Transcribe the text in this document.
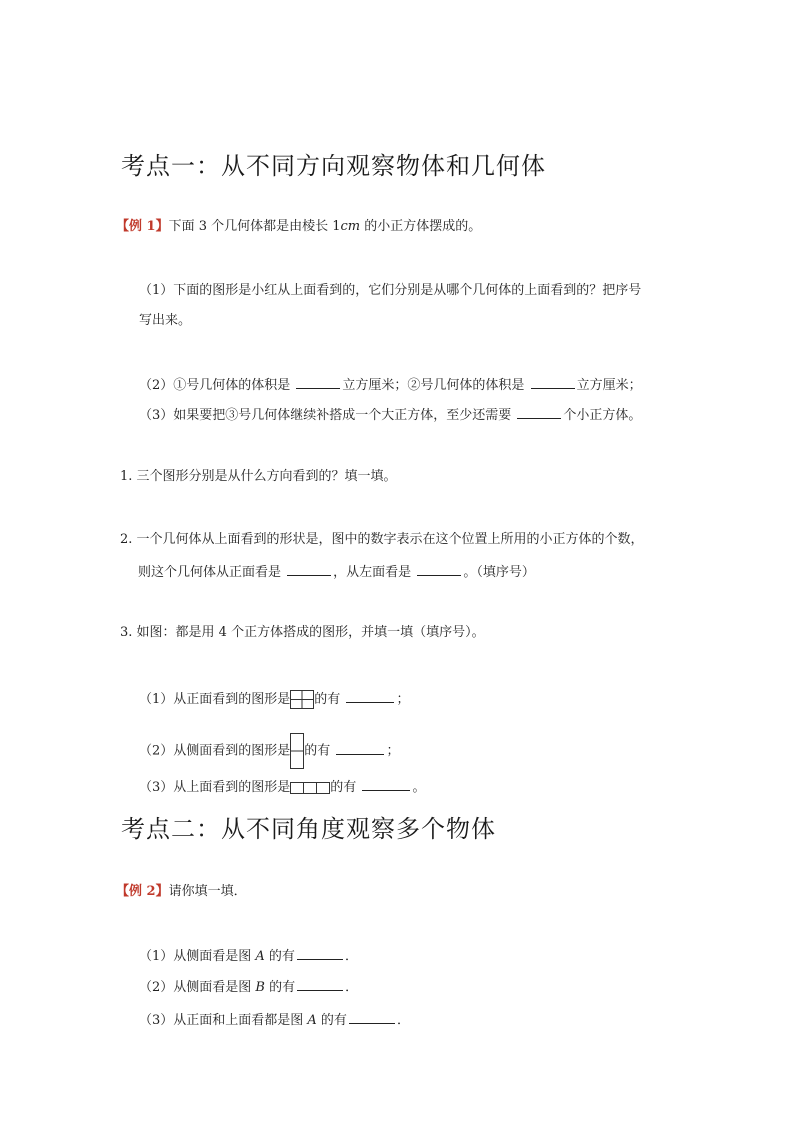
考点一：从不同方向观察物体和几何体
【例 1】下面 3 个几何体都是由棱长 1cm 的小正方体摆成的。
（1）下面的图形是小红从上面看到的，它们分别是从哪个几何体的上面看到的？把序号
写出来。
（2）①号几何体的体积是	立方厘米；②号几何体的体积是	立方厘米；
（3）如果要把③号几何体继续补搭成一个大正方体，至少还需要	个小正方体。
1. 三个图形分别是从什么方向看到的？填一填。
2. 一个几何体从上面看到的形状是，图中的数字表示在这个位置上所用的小正方体的个数，
则这个几何体从正面看是	，从左面看是	。（填序号）
3. 如图：都是用 4 个正方体搭成的图形，并填一填（填序号）。
（1）从正面看到的图形是 的有	；
（2）从侧面看到的图形是 的有	；
（3）从上面看到的图形是	的有	。
考点二：从不同角度观察多个物体
【例 2】请你填一填．
（1）从侧面看是图 A 的有	．
（2）从侧面看是图 B 的有	．
（3）从正面和上面看都是图 A 的有	．
